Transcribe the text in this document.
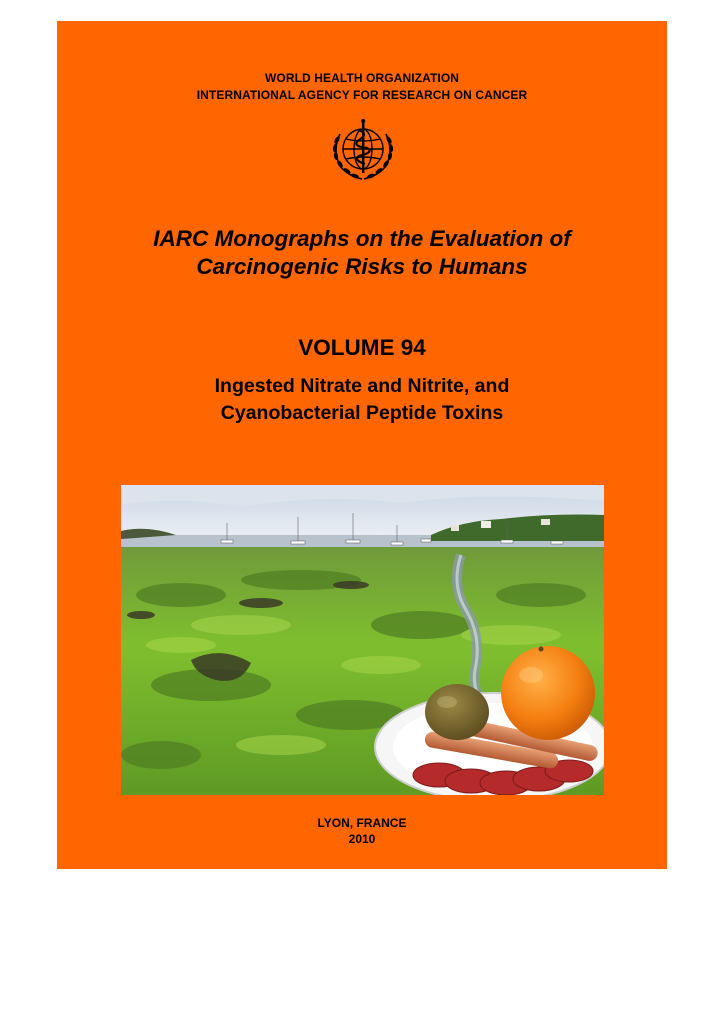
WORLD HEALTH ORGANIZATION
INTERNATIONAL AGENCY FOR RESEARCH ON CANCER
IARC Monographs on the Evaluation of
Carcinogenic Risks to Humans
VOLUME 94
Ingested Nitrate and Nitrite, and
Cyanobacterial Peptide Toxins
LYON, FRANCE
2010
